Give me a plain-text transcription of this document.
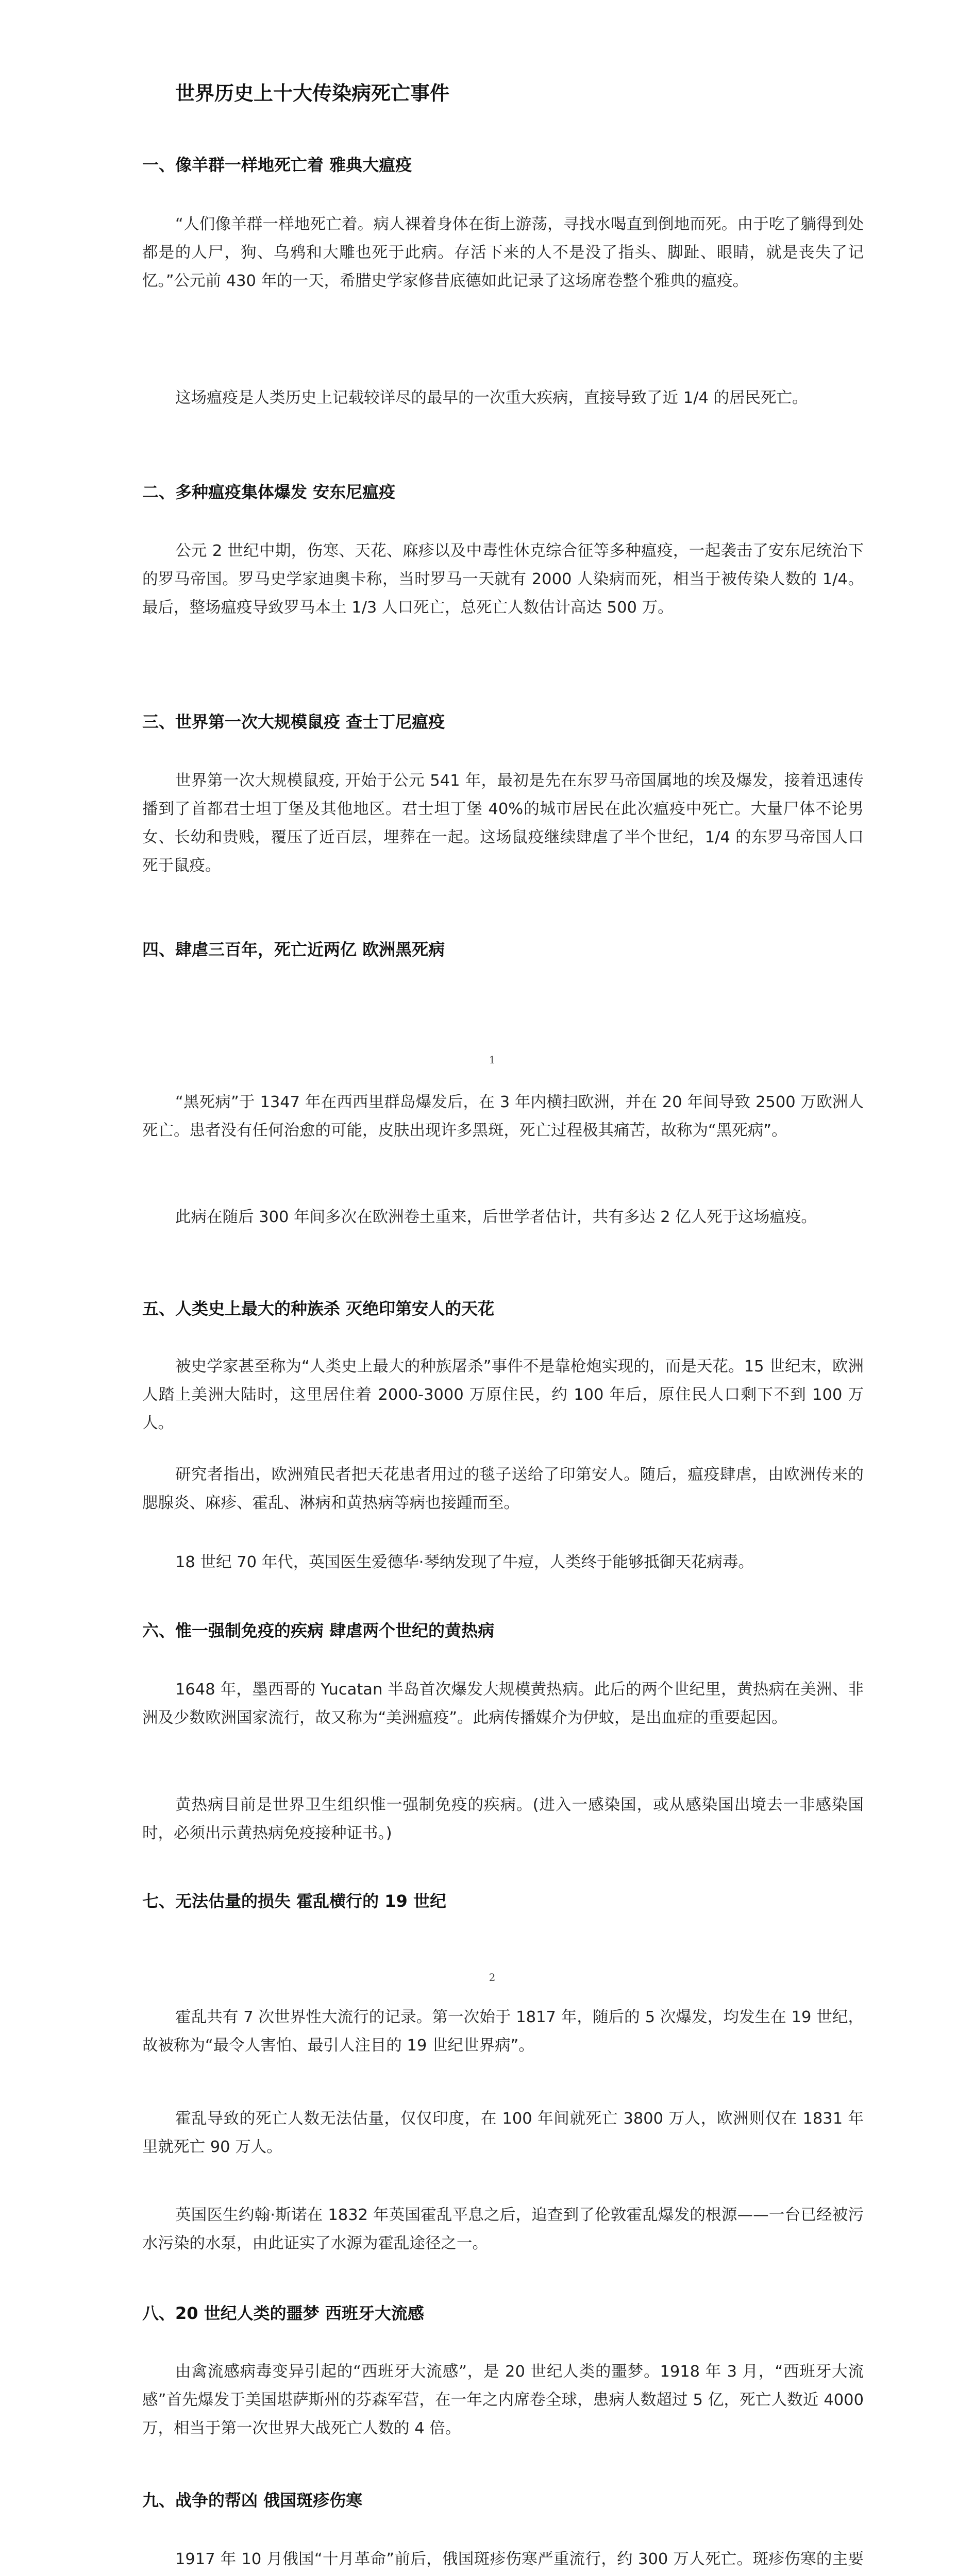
世界历史上十大传染病死亡事件
一、像羊群一样地死亡着 雅典大瘟疫

“人们像羊群一样地死亡着。病人裸着身体在街上游荡，寻找水喝直到倒地而死。由于吃了躺得到处都是的人尸，狗、乌鸦和大雕也死于此病。存活下来的人不是没了指头、脚趾、眼睛，就是丧失了记忆。”公元前 430 年的一天，希腊史学家修昔底德如此记录了这场席卷整个雅典的瘟疫。

这场瘟疫是人类历史上记载较详尽的最早的一次重大疾病，直接导致了近 1/4 的居民死亡。

二、多种瘟疫集体爆发 安东尼瘟疫

公元 2 世纪中期，伤寒、天花、麻疹以及中毒性休克综合征等多种瘟疫，一起袭击了安东尼统治下的罗马帝国。罗马史学家迪奥卡称，当时罗马一天就有 2000 人染病而死，相当于被传染人数的 1/4。最后，整场瘟疫导致罗马本土 1/3 人口死亡，总死亡人数估计高达 500 万。

三、世界第一次大规模鼠疫 查士丁尼瘟疫

世界第一次大规模鼠疫, 开始于公元 541 年，最初是先在东罗马帝国属地的埃及爆发，接着迅速传播到了首都君士坦丁堡及其他地区。君士坦丁堡 40%的城市居民在此次瘟疫中死亡。大量尸体不论男女、长幼和贵贱，覆压了近百层，埋葬在一起。这场鼠疫继续肆虐了半个世纪，1/4 的东罗马帝国人口死于鼠疫。

四、肆虐三百年，死亡近两亿 欧洲黑死病
1

“黑死病”于 1347 年在西西里群岛爆发后，在 3 年内横扫欧洲，并在 20 年间导致 2500 万欧洲人死亡。患者没有任何治愈的可能，皮肤出现许多黑斑，死亡过程极其痛苦，故称为“黑死病”。

此病在随后 300 年间多次在欧洲卷土重来，后世学者估计，共有多达 2 亿人死于这场瘟疫。

五、人类史上最大的种族杀 灭绝印第安人的天花

被史学家甚至称为“人类史上最大的种族屠杀”事件不是靠枪炮实现的，而是天花。15 世纪末，欧洲人踏上美洲大陆时，这里居住着 2000-3000 万原住民，约 100 年后，原住民人口剩下不到 100 万人。

研究者指出，欧洲殖民者把天花患者用过的毯子送给了印第安人。随后，瘟疫肆虐，由欧洲传来的腮腺炎、麻疹、霍乱、淋病和黄热病等病也接踵而至。

18 世纪 70 年代，英国医生爱德华·琴纳发现了牛痘，人类终于能够抵御天花病毒。

六、惟一强制免疫的疾病 肆虐两个世纪的黄热病

1648 年，墨西哥的 Yucatan 半岛首次爆发大规模黄热病。此后的两个世纪里，黄热病在美洲、非洲及少数欧洲国家流行，故又称为“美洲瘟疫”。此病传播媒介为伊蚊，是出血症的重要起因。

黄热病目前是世界卫生组织惟一强制免疫的疾病。(进入一感染国，或从感染国出境去一非感染国时，必须出示黄热病免疫接种证书。)

七、无法估量的损失 霍乱横行的 19 世纪
2

霍乱共有 7 次世界性大流行的记录。第一次始于 1817 年，随后的 5 次爆发，均发生在 19 世纪，故被称为“最令人害怕、最引人注目的 19 世纪世界病”。

霍乱导致的死亡人数无法估量，仅仅印度，在 100 年间就死亡 3800 万人，欧洲则仅在 1831 年里就死亡 90 万人。

英国医生约翰·斯诺在 1832 年英国霍乱平息之后，追查到了伦敦霍乱爆发的根源——一台已经被污水污染的水泵，由此证实了水源为霍乱途径之一。

八、20 世纪人类的噩梦 西班牙大流感

由禽流感病毒变异引起的“西班牙大流感”，是 20 世纪人类的噩梦。1918 年 3 月，“西班牙大流感”首先爆发于美国堪萨斯州的芬森军营，在一年之内席卷全球，患病人数超过 5 亿，死亡人数近 4000 万，相当于第一次世界大战死亡人数的 4 倍。

九、战争的帮凶 俄国斑疹伤寒

1917 年 10 月俄国“十月革命”前后，俄国斑疹伤寒严重流行，约 300 万人死亡。斑疹伤寒的主要
